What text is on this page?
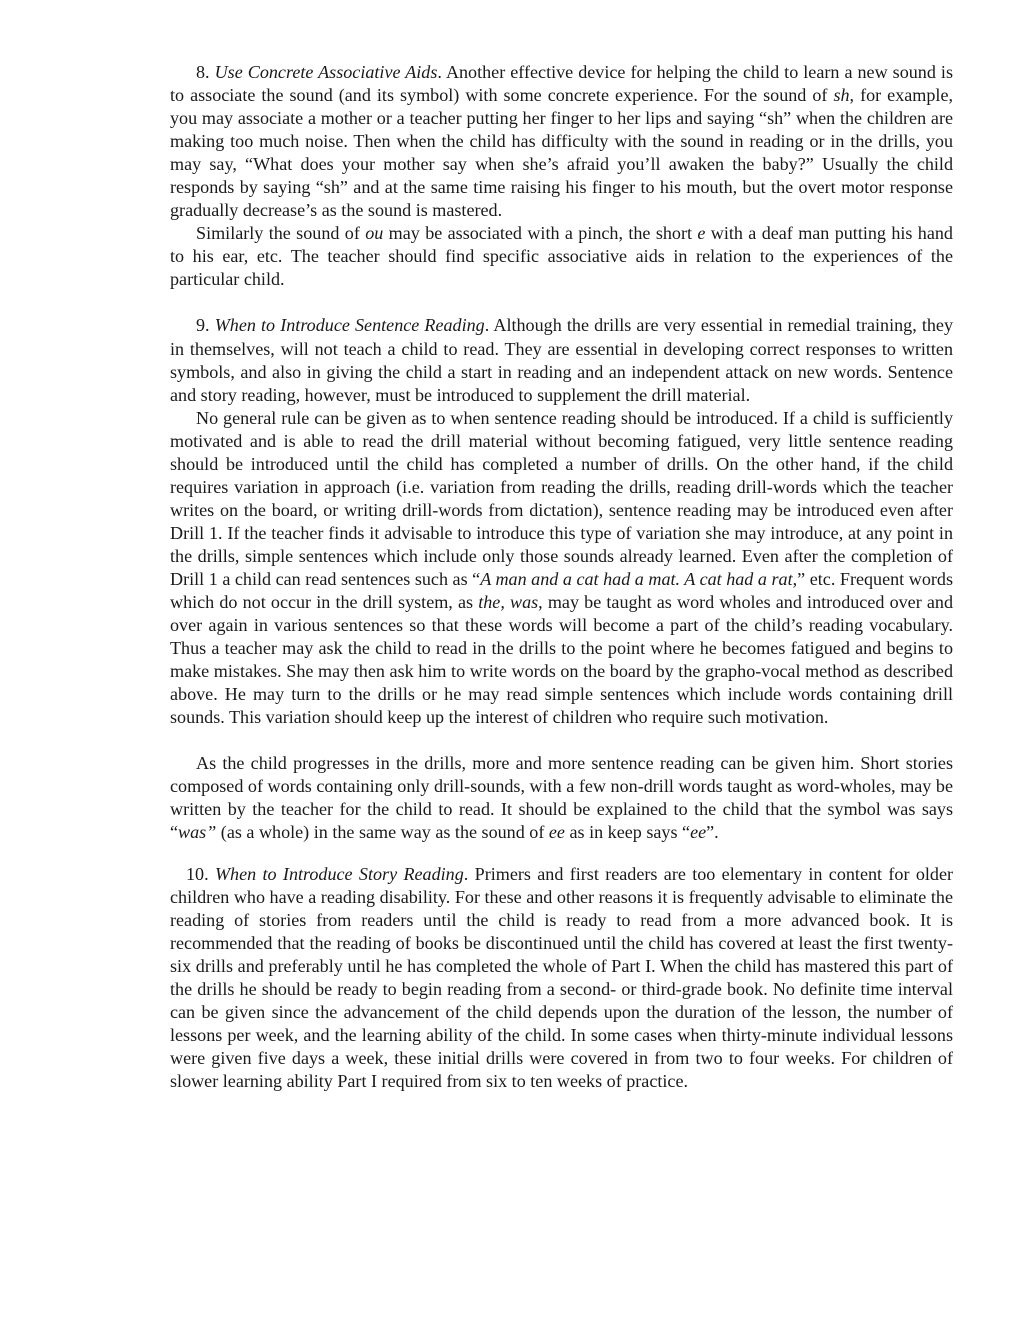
8. Use Concrete Associative Aids. Another effective device for helping the child to learn a new sound is to associate the sound (and its symbol) with some concrete experience. For the sound of sh, for example, you may associate a mother or a teacher putting her finger to her lips and saying “sh” when the children are making too much noise. Then when the child has difficulty with the sound in reading or in the drills, you may say, “What does your mother say when she’s afraid you’ll awaken the baby?” Usually the child responds by saying “sh” and at the same time raising his finger to his mouth, but the overt motor response gradually decrease’s as the sound is mastered.

Similarly the sound of ou may be associated with a pinch, the short e with a deaf man putting his hand to his ear, etc. The teacher should find specific associative aids in relation to the experiences of the particular child.

9. When to Introduce Sentence Reading. Although the drills are very essential in remedial training, they in themselves, will not teach a child to read. They are essential in developing correct responses to written symbols, and also in giving the child a start in reading and an independent attack on new words. Sentence and story reading, however, must be introduced to supplement the drill material.

No general rule can be given as to when sentence reading should be introduced. If a child is sufficiently motivated and is able to read the drill material without becoming fatigued, very little sentence reading should be introduced until the child has completed a number of drills. On the other hand, if the child requires variation in approach (i.e. variation from reading the drills, reading drill-words which the teacher writes on the board, or writing drill-words from dictation), sentence reading may be introduced even after Drill 1. If the teacher finds it advisable to introduce this type of variation she may introduce, at any point in the drills, simple sentences which include only those sounds already learned. Even after the completion of Drill 1 a child can read sentences such as “A man and a cat had a mat. A cat had a rat,” etc. Frequent words which do not occur in the drill system, as the, was, may be taught as word wholes and introduced over and over again in various sentences so that these words will become a part of the child’s reading vocabulary. Thus a teacher may ask the child to read in the drills to the point where he becomes fatigued and begins to make mistakes. She may then ask him to write words on the board by the grapho-vocal method as described above. He may turn to the drills or he may read simple sentences which include words containing drill sounds. This variation should keep up the interest of children who require such motivation.

As the child progresses in the drills, more and more sentence reading can be given him. Short stories composed of words containing only drill-sounds, with a few non-drill words taught as word-wholes, may be written by the teacher for the child to read. It should be explained to the child that the symbol was says “was” (as a whole) in the same way as the sound of ee as in keep says “ee”.

10. When to Introduce Story Reading. Primers and first readers are too elementary in content for older children who have a reading disability. For these and other reasons it is frequently advisable to eliminate the reading of stories from readers until the child is ready to read from a more advanced book. It is recommended that the reading of books be discontinued until the child has covered at least the first twenty-six drills and preferably until he has completed the whole of Part I. When the child has mastered this part of the drills he should be ready to begin reading from a second- or third-grade book. No definite time interval can be given since the advancement of the child depends upon the duration of the lesson, the number of lessons per week, and the learning ability of the child. In some cases when thirty-minute individual lessons were given five days a week, these initial drills were covered in from two to four weeks. For children of slower learning ability Part I required from six to ten weeks of practice.
